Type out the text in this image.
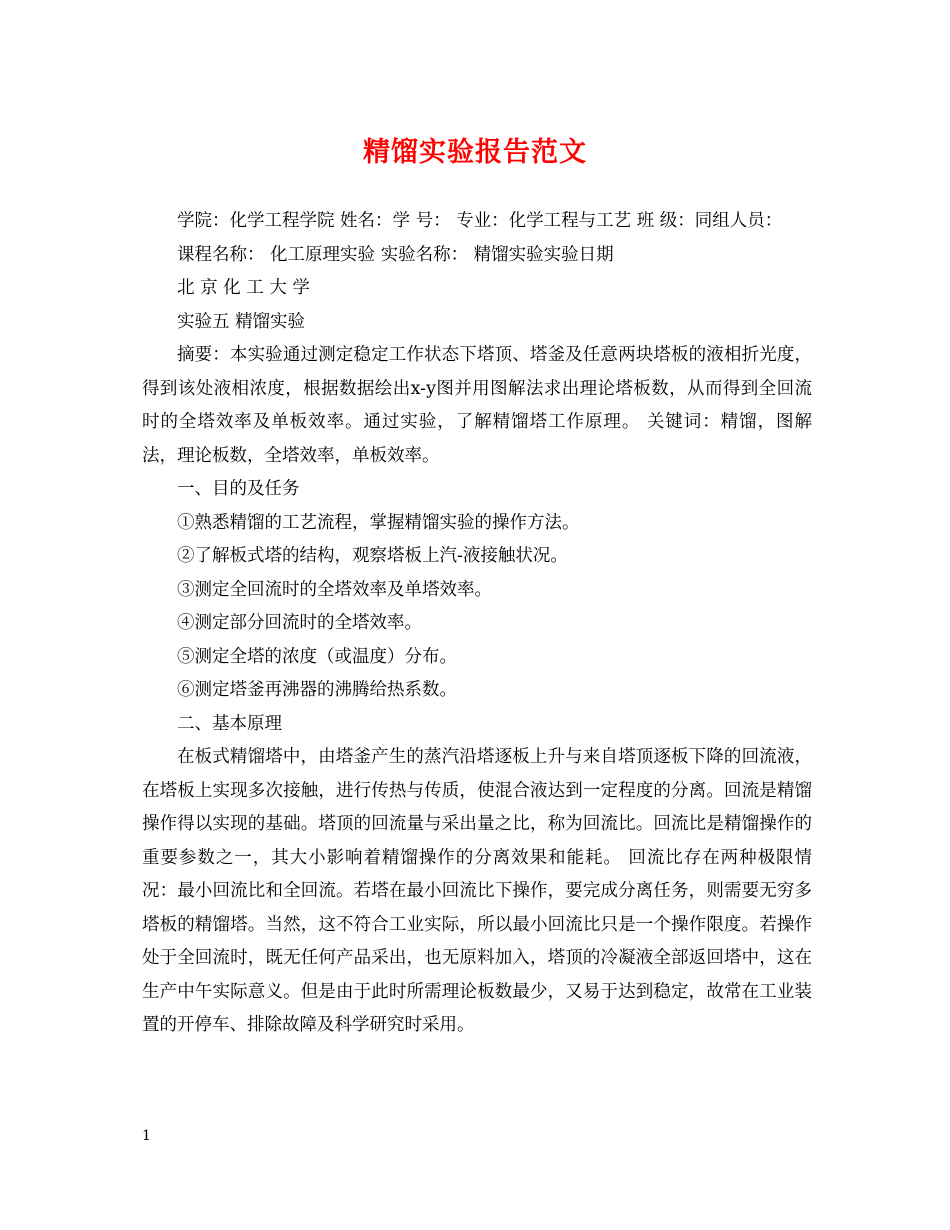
精馏实验报告范文

学院：化学工程学院 姓名：学 号： 专业：化学工程与工艺 班 级：同组人员：

课程名称： 化工原理实验 实验名称： 精馏实验实验日期

北 京 化 工 大 学

实验五 精馏实验

摘要：本实验通过测定稳定工作状态下塔顶、塔釜及任意两块塔板的液相折光度，得到该处液相浓度，根据数据绘出x-y图并用图解法求出理论塔板数，从而得到全回流时的全塔效率及单板效率。通过实验，了解精馏塔工作原理。 关键词：精馏，图解法，理论板数，全塔效率，单板效率。

一、目的及任务

①熟悉精馏的工艺流程，掌握精馏实验的操作方法。

②了解板式塔的结构，观察塔板上汽-液接触状况。

③测定全回流时的全塔效率及单塔效率。

④测定部分回流时的全塔效率。

⑤测定全塔的浓度（或温度）分布。

⑥测定塔釜再沸器的沸腾给热系数。

二、基本原理

在板式精馏塔中，由塔釜产生的蒸汽沿塔逐板上升与来自塔顶逐板下降的回流液，在塔板上实现多次接触，进行传热与传质，使混合液达到一定程度的分离。回流是精馏操作得以实现的基础。塔顶的回流量与采出量之比，称为回流比。回流比是精馏操作的重要参数之一，其大小影响着精馏操作的分离效果和能耗。 回流比存在两种极限情况：最小回流比和全回流。若塔在最小回流比下操作，要完成分离任务，则需要无穷多塔板的精馏塔。当然，这不符合工业实际，所以最小回流比只是一个操作限度。若操作处于全回流时，既无任何产品采出，也无原料加入，塔顶的冷凝液全部返回塔中，这在生产中午实际意义。但是由于此时所需理论板数最少，又易于达到稳定，故常在工业装置的开停车、排除故障及科学研究时采用。

1
